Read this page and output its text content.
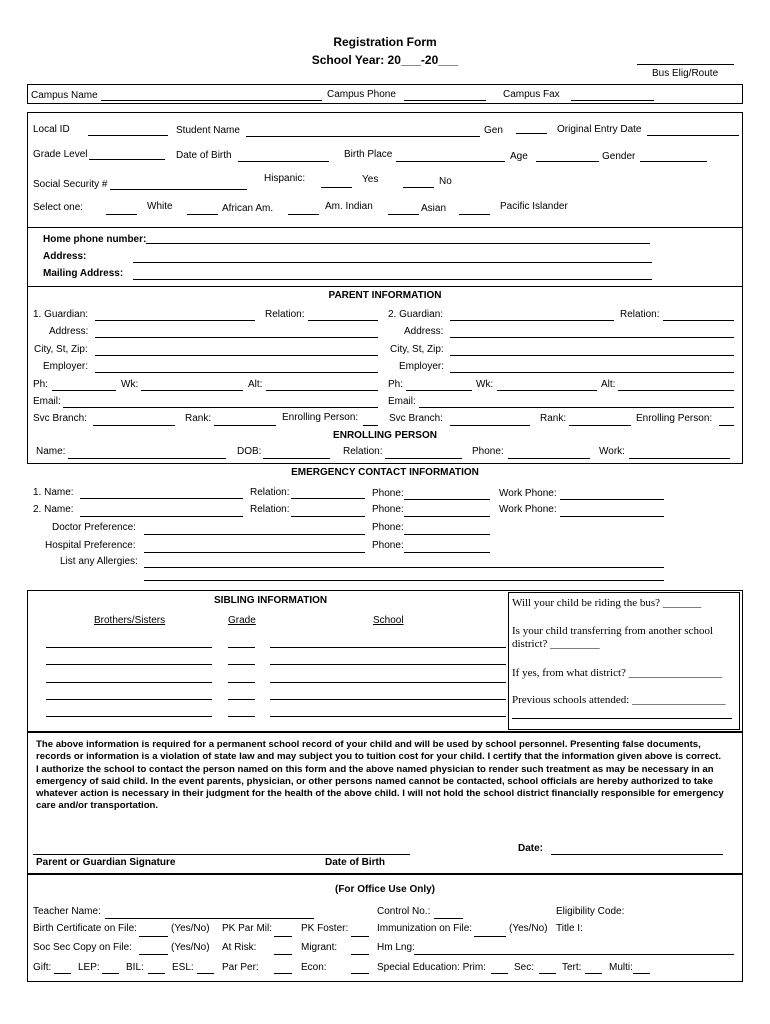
Registration Form
School Year: 20___-20___
Bus Elig/Route
Campus Name	Campus Phone	Campus Fax
Local ID	Student Name	Gen	Original Entry Date
Grade Level	Date of Birth	Birth Place	Age	Gender
Social Security #
Hispanic:	Yes	No
Select one:	White	African Am.	Am. Indian	Asian	Pacific Islander
Home phone number:
Address:
Mailing Address:
PARENT INFORMATION
1. Guardian:	Relation:	2. Guardian:	Relation:
Address:	Address:
City, St, Zip:	City, St, Zip:
Employer:	Employer:
Ph:	Wk:	Alt:	Ph:	Wk:	Alt:
Email:	Email:
Svc Branch:	Rank:	Enrolling Person:	Svc Branch:	Rank:	Enrolling Person:
ENROLLING PERSON
Name:	DOB:	Relation:	Phone:	Work:
EMERGENCY CONTACT INFORMATION
1. Name:	Relation:	Phone:	Work Phone:
2. Name:	Relation:	Phone:	Work Phone:
Doctor Preference:	Phone:
Hospital Preference:	Phone:
List any Allergies:
SIBLING INFORMATION
Brothers/Sisters	Grade	School
Will your child be riding the bus? _______
Is your child transferring from another school district? _________
If yes, from what district? _________________
Previous schools attended: _________________
The above information is required for a permanent school record of your child and will be used by school personnel. Presenting false documents, records or information is a violation of state law and may subject you to tuition cost for your child. I certify that the information given above is correct. I authorize the school to contact the person named on this form and the above named physician to render such treatment as may be necessary in an emergency of said child. In the event parents, physician, or other persons named cannot be contacted, school officials are hereby authorized to take whatever action is necessary in their judgment for the health of the above child. I will not hold the school district financially responsible for emergency care and/or transportation.
Date:
Parent or Guardian Signature	Date of Birth
(For Office Use Only)
Teacher Name:	Control No.:	Eligibility Code:
Birth Certificate on File:	(Yes/No) PK Par Mil:	PK Foster:	Immunization on File:	(Yes/No) Title I:
Soc Sec Copy on File:	(Yes/No) At Risk:	Migrant:	Hm Lng:
Gift:	LEP:	BIL:	ESL:	Par Per:	Econ:	Special Education: Prim:	Sec:	Tert:	Multi:
